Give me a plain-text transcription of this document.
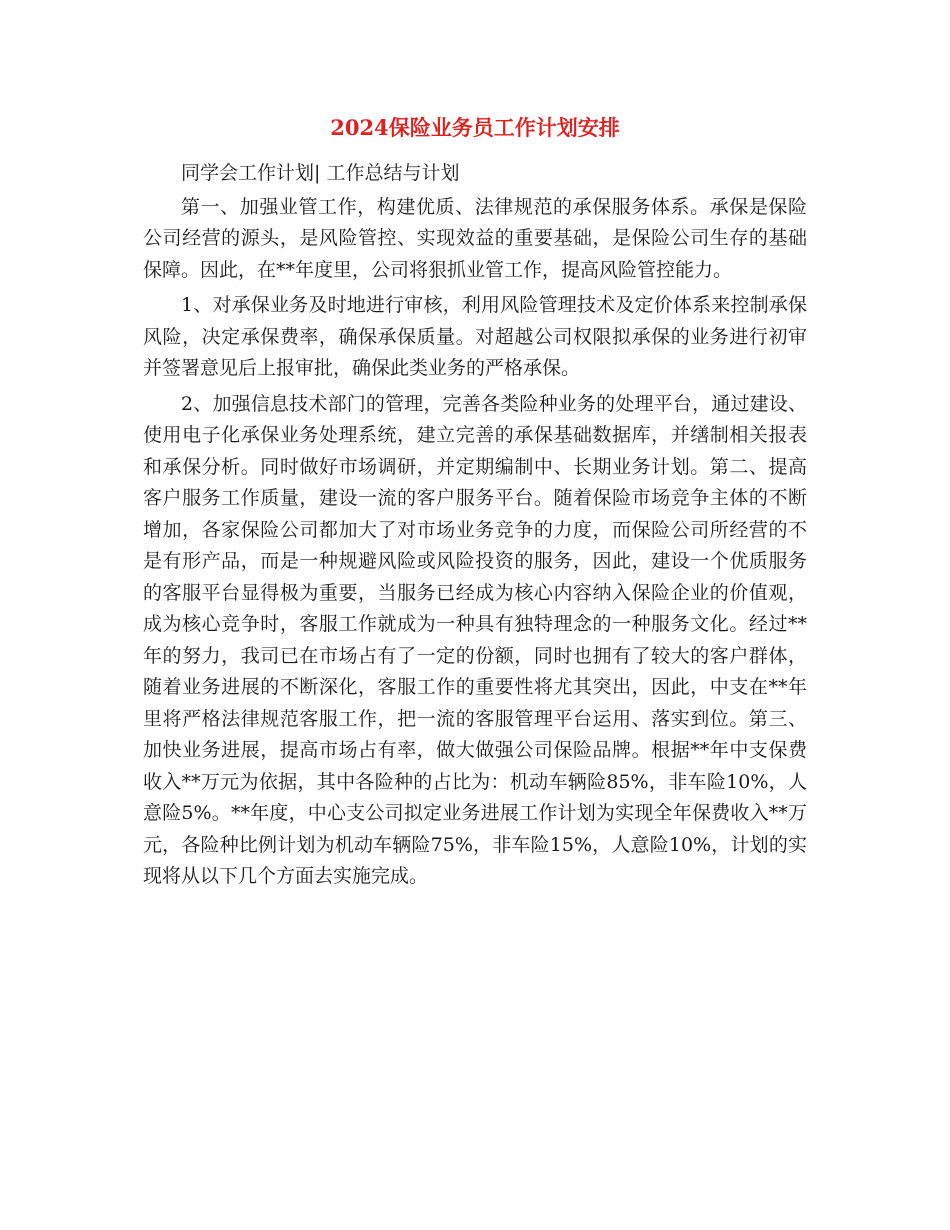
2024保险业务员工作计划安排

同学会工作计划| 工作总结与计划

第一、加强业管工作，构建优质、法律规范的承保服务体系。承保是保险公司经营的源头，是风险管控、实现效益的重要基础，是保险公司生存的基础保障。因此，在**年度里，公司将狠抓业管工作，提高风险管控能力。

1、对承保业务及时地进行审核，利用风险管理技术及定价体系来控制承保风险，决定承保费率，确保承保质量。对超越公司权限拟承保的业务进行初审并签署意见后上报审批，确保此类业务的严格承保。

2、加强信息技术部门的管理，完善各类险种业务的处理平台，通过建设、使用电子化承保业务处理系统，建立完善的承保基础数据库，并缮制相关报表和承保分析。同时做好市场调研，并定期编制中、长期业务计划。第二、提高客户服务工作质量，建设一流的客户服务平台。随着保险市场竞争主体的不断增加，各家保险公司都加大了对市场业务竞争的力度，而保险公司所经营的不是有形产品，而是一种规避风险或风险投资的服务，因此，建设一个优质服务的客服平台显得极为重要，当服务已经成为核心内容纳入保险企业的价值观，成为核心竞争时，客服工作就成为一种具有独特理念的一种服务文化。经过**年的努力，我司已在市场占有了一定的份额，同时也拥有了较大的客户群体，随着业务进展的不断深化，客服工作的重要性将尤其突出，因此，中支在**年里将严格法律规范客服工作，把一流的客服管理平台运用、落实到位。第三、加快业务进展，提高市场占有率，做大做强公司保险品牌。根据**年中支保费收入**万元为依据，其中各险种的占比为：机动车辆险85%，非车险10%，人意险5%。**年度，中心支公司拟定业务进展工作计划为实现全年保费收入**万元，各险种比例计划为机动车辆险75%，非车险15%，人意险10%，计划的实现将从以下几个方面去实施完成。
